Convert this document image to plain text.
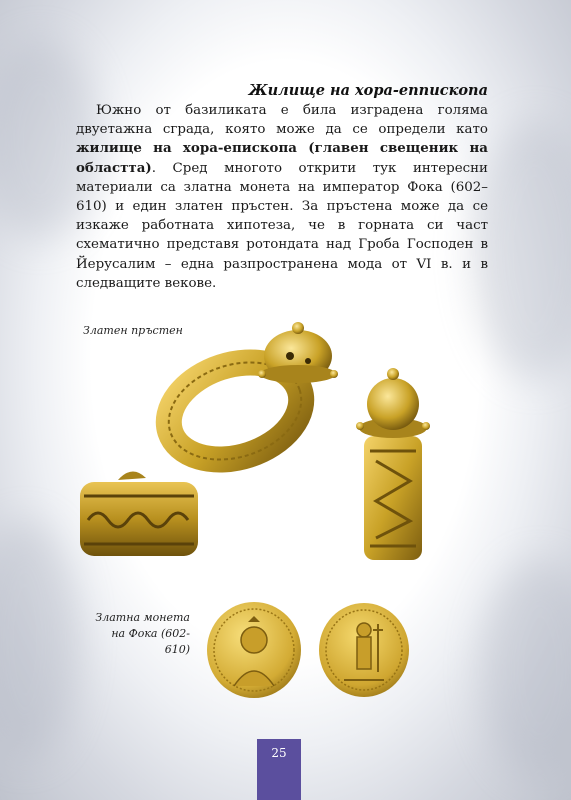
Жилище на хора-еппископа

Южно от базиликата е била изградена голяма двуетажна сграда, която може да се определи като жилище на хора-епископа (главен свещеник на областта). Сред многото открити тук интересни материали са златна монета на император Фока (602–610) и един златен пръстен. За пръстена може да се изкаже работната хипотеза, че в горната си част схематично представя ротондата над Гроба Господен в Йерусалим – една разпространена мода от VI в. и в следващите векове.

Златен пръстен
Златна монета
на Фока (602-610)
25
